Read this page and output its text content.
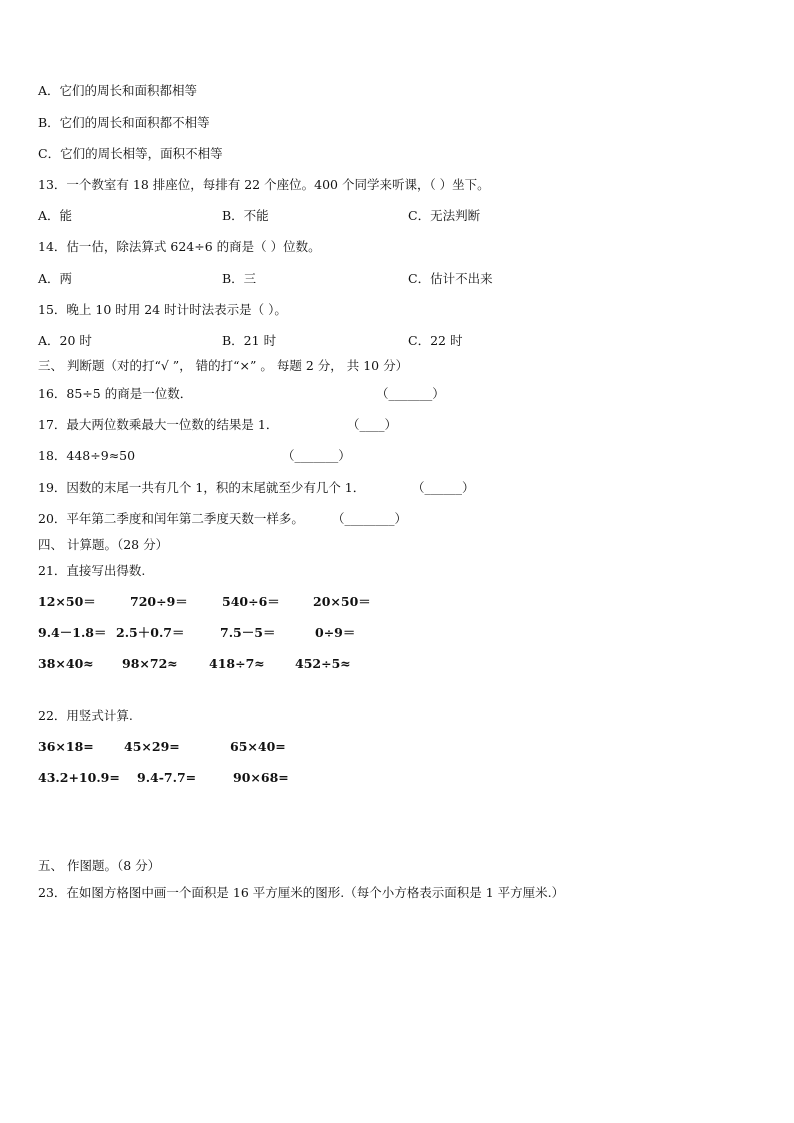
A．它们的周长和面积都相等
B．它们的周长和面积都不相等
C．它们的周长相等，面积不相等
13．一个教室有 18 排座位，每排有 22 个座位。400 个同学来听课，（ ）坐下。
A．能	B．不能	C．无法判断
14．估一估，除法算式 624÷6 的商是（ ）位数。
A．两	B．三	C．估计不出来
15．晚上 10 时用 24 时计时法表示是（ ）。
A．20 时	B．21 时	C．22 时
三、 判断题（对的打“√ ”， 错的打“×” 。 每题 2 分， 共 10 分）
16．85÷5 的商是一位数．	（_______）
17．最大两位数乘最大一位数的结果是 1．	（____）
18．448÷9≈50	（_______）
19．因数的末尾一共有几个 1，积的末尾就至少有几个 1．	（______）
20．平年第二季度和闰年第二季度天数一样多。 （________）
四、 计算题。（28 分）
21．直接写出得数.
12×50＝	720÷9＝	540÷6＝	20×50＝
9.4－1.8＝ 2.5＋0.7＝	7.5－5＝	0÷9＝
38×40≈ 98×72≈	418÷7≈ 452÷5≈
22．用竖式计算.
36×18= 45×29=	65×40=
43.2+10.9= 9.4-7.7=	90×68=
五、 作图题。（8 分）
23．在如图方格图中画一个面积是 16 平方厘米的图形.（每个小方格表示面积是 1 平方厘米.）
